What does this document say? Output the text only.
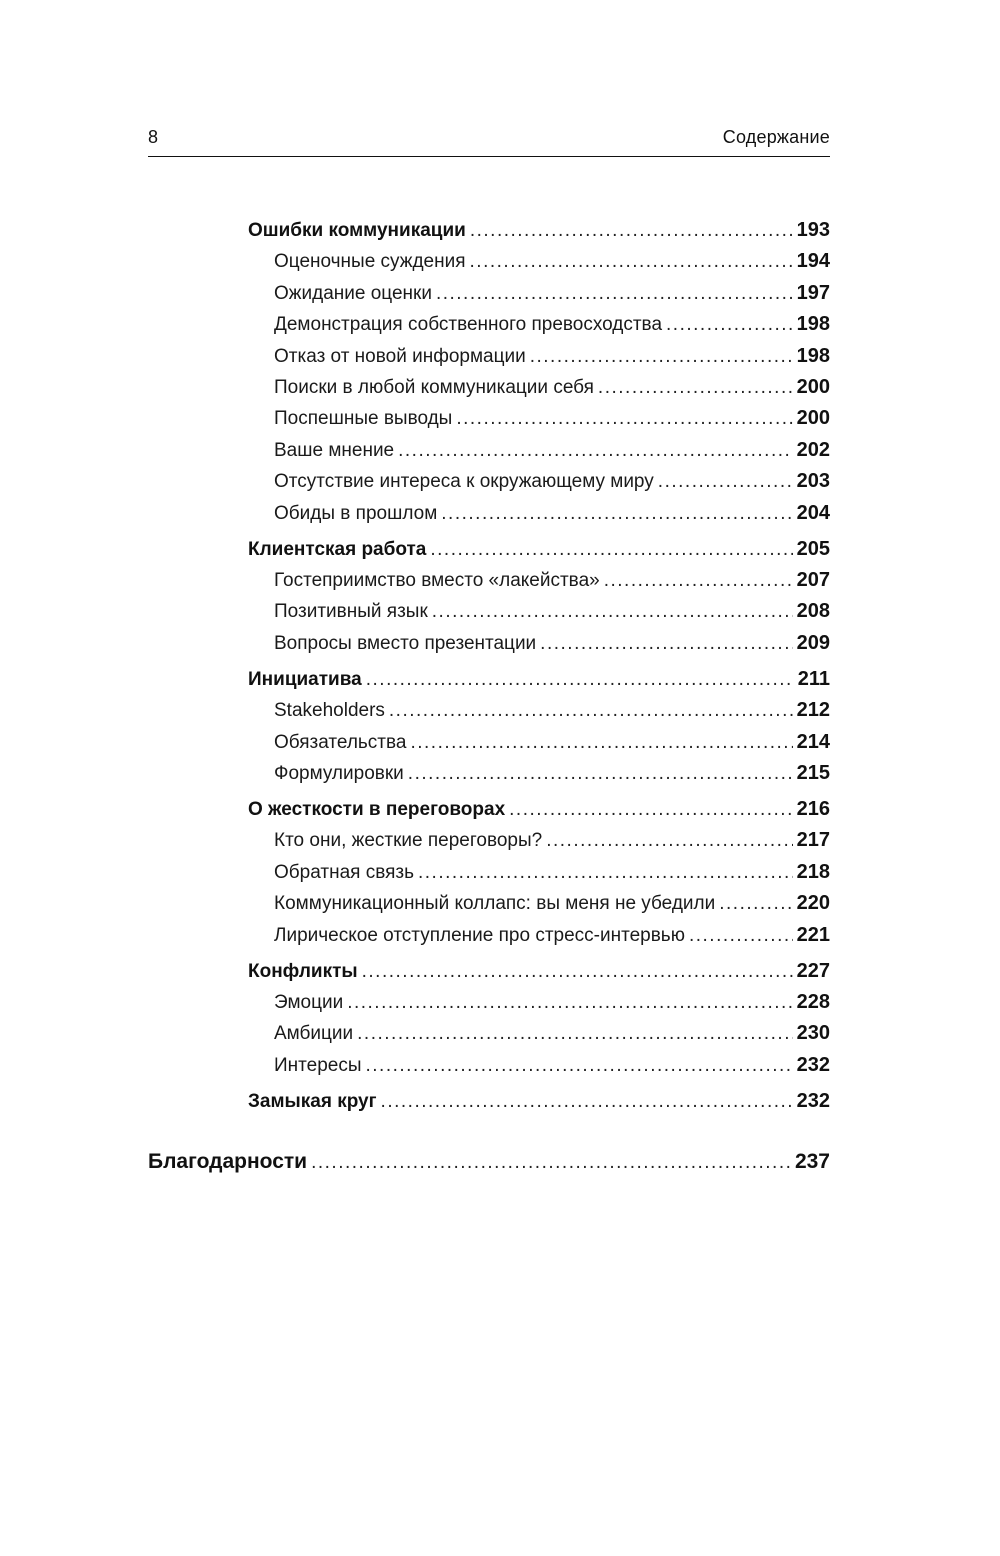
8	Содержание
Ошибки коммуникации .....	193
Оценочные суждения .....	194
Ожидание оценки .....	197
Демонстрация собственного превосходства .....	198
Отказ от новой информации .....	198
Поиски в любой коммуникации себя .....	200
Поспешные выводы .....	200
Ваше мнение .....	202
Отсутствие интереса к окружающему миру .....	203
Обиды в прошлом .....	204
Клиентская работа .....	205
Гостеприимство вместо «лакейства» .....	207
Позитивный язык .....	208
Вопросы вместо презентации .....	209
Инициатива .....	211
Stakeholders .....	212
Обязательства .....	214
Формулировки .....	215
О жесткости в переговорах .....	216
Кто они, жесткие переговоры? .....	217
Обратная связь .....	218
Коммуникационный коллапс: вы меня не убедили .....	220
Лирическое отступление про стресс-интервью .....	221
Конфликты .....	227
Эмоции .....	228
Амбиции .....	230
Интересы .....	232
Замыкая круг .....	232
Благодарности .....	237
